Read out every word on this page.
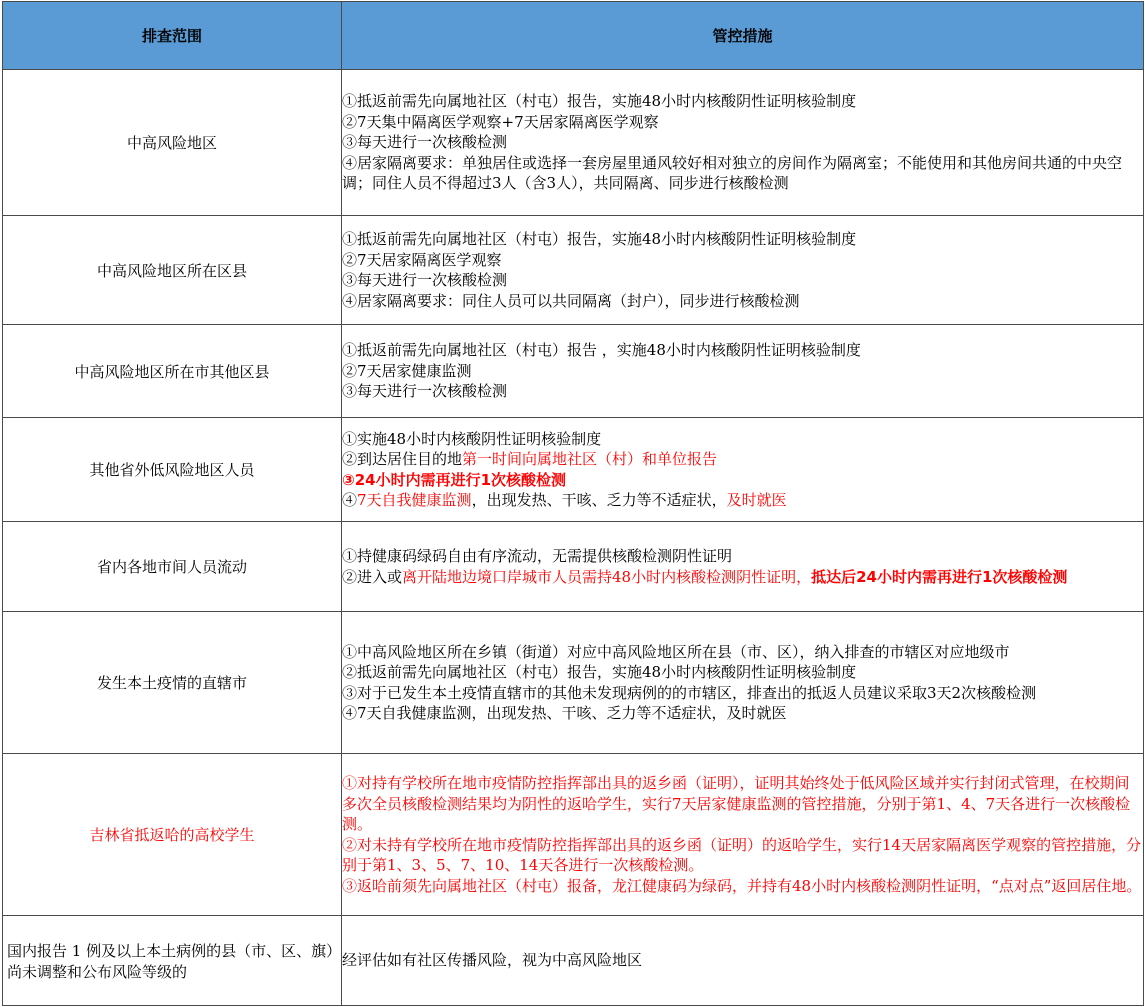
排查范围	管控措施
中高风险地区	①抵返前需先向属地社区（村屯）报告，实施48小时内核酸阴性证明核验制度
②7天集中隔离医学观察+7天居家隔离医学观察
③每天进行一次核酸检测
④居家隔离要求：单独居住或选择一套房屋里通风较好相对独立的房间作为隔离室；不能使用和其他房间共通的中央空调；同住人员不得超过3人（含3人），共同隔离、同步进行核酸检测

中高风险地区所在区县	①抵返前需先向属地社区（村屯）报告，实施48小时内核酸阴性证明核验制度
②7天居家隔离医学观察
③每天进行一次核酸检测
④居家隔离要求：同住人员可以共同隔离（封户），同步进行核酸检测

中高风险地区所在市其他区县	①抵返前需先向属地社区（村屯）报告 ，实施48小时内核酸阴性证明核验制度
②7天居家健康监测
③每天进行一次核酸检测

其他省外低风险地区人员	①实施48小时内核酸阴性证明核验制度
②到达居住目的地第一时间向属地社区（村）和单位报告
③24小时内需再进行1次核酸检测
④7天自我健康监测，出现发热、干咳、乏力等不适症状，及时就医

省内各地市间人员流动	①持健康码绿码自由有序流动，无需提供核酸检测阴性证明
②进入或离开陆地边境口岸城市人员需持48小时内核酸检测阴性证明，抵达后24小时内需再进行1次核酸检测

发生本土疫情的直辖市	①中高风险地区所在乡镇（街道）对应中高风险地区所在县（市、区），纳入排查的市辖区对应地级市
②抵返前需先向属地社区（村屯）报告，实施48小时内核酸阴性证明核验制度
③对于已发生本土疫情直辖市的其他未发现病例的的市辖区，排查出的抵返人员建议采取3天2次核酸检测
④7天自我健康监测，出现发热、干咳、乏力等不适症状，及时就医

吉林省抵返哈的高校学生	①对持有学校所在地市疫情防控指挥部出具的返乡函（证明），证明其始终处于低风险区域并实行封闭式管理，在校期间多次全员核酸检测结果均为阴性的返哈学生，实行7天居家健康监测的管控措施，分别于第1、4、7天各进行一次核酸检测。
②对未持有学校所在地市疫情防控指挥部出具的返乡函（证明）的返哈学生，实行14天居家隔离医学观察的管控措施，分别于第1、3、5、7、10、14天各进行一次核酸检测。
③返哈前须先向属地社区（村屯）报备，龙江健康码为绿码，并持有48小时内核酸检测阴性证明，“点对点”返回居住地。

国内报告 1 例及以上本土病例的县（市、区、旗）尚未调整和公布风险等级的	经评估如有社区传播风险，视为中高风险地区
